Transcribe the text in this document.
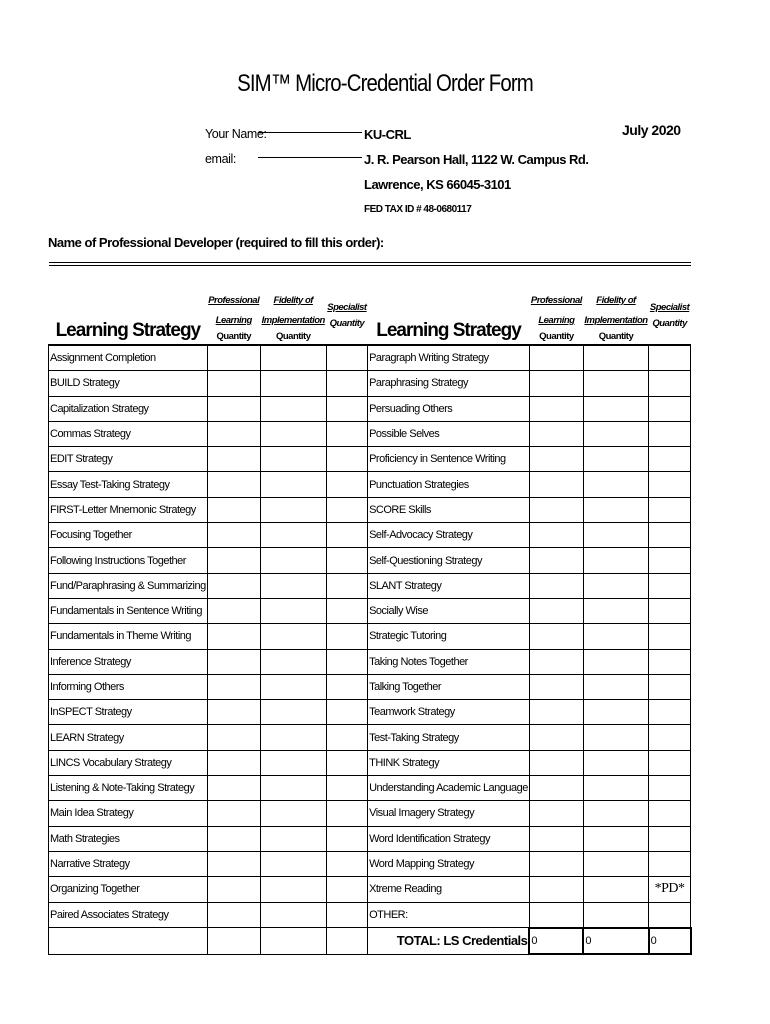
SIM™ Micro-Credential Order Form
Your Name:
email:
KU-CRL
J. R. Pearson Hall, 1122 W. Campus Rd.
Lawrence, KS 66045-3101
FED TAX ID # 48-0680117
July 2020
Name of Professional Developer (required to fill this order):
Learning Strategy	Professional
Learning
Quantity	Fidelity of
Implementation
Quantity	Specialist
Quantity	Learning Strategy	Professional
Learning
Quantity	Fidelity of
Implementation
Quantity	Specialist
Quantity

Assignment Completion				Paragraph Writing Strategy			
BUILD Strategy				Paraphrasing Strategy			
Capitalization Strategy				Persuading Others			
Commas Strategy				Possible Selves			
EDIT Strategy				Proficiency in Sentence Writing			
Essay Test-Taking Strategy				Punctuation Strategies			
FIRST-Letter Mnemonic Strategy				SCORE Skills			
Focusing Together				Self-Advocacy Strategy			
Following Instructions Together				Self-Questioning Strategy			
Fund/Paraphrasing & Summarizing				SLANT Strategy			
Fundamentals in Sentence Writing				Socially Wise			
Fundamentals in Theme Writing				Strategic Tutoring			
Inference Strategy				Taking Notes Together			
Informing Others				Talking Together			
InSPECT Strategy				Teamwork Strategy			
LEARN Strategy				Test-Taking Strategy			
LINCS Vocabulary Strategy				THINK Strategy			
Listening & Note-Taking Strategy				Understanding Academic Language			
Main Idea Strategy				Visual Imagery Strategy			
Math Strategies				Word Identification Strategy			
Narrative Strategy				Word Mapping Strategy			
Organizing Together				Xtreme Reading			*PD*
Paired Associates Strategy				OTHER:			
				TOTAL: LS Credentials	0	0	0
